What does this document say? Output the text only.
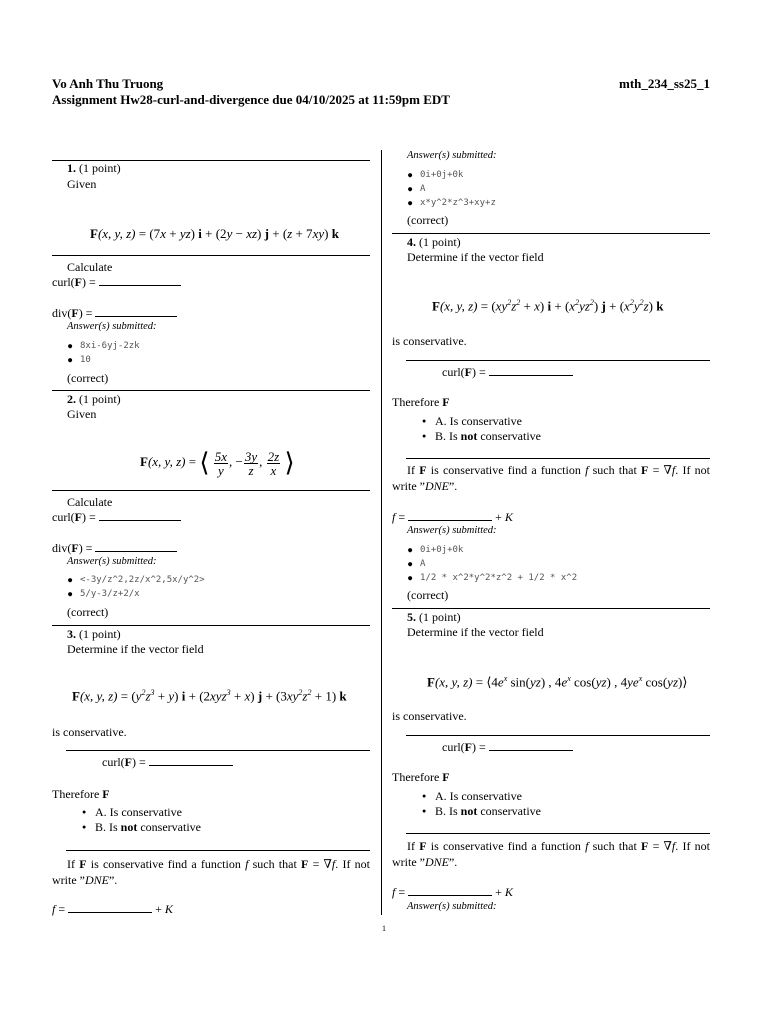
Vo Anh Thu Truong	mth_234_ss25_1
Assignment Hw28-curl-and-divergence due 04/10/2025 at 11:59pm EDT
1. (1 point)
Given
F(x, y, z) = (7x + yz) i + (2y − xz) j + (z + 7xy) k
Calculate
curl(F) =
div(F) =
Answer(s) submitted:
● 8xi-6yj-2zk
● 10
(correct)
2. (1 point)
Given
F(x, y, z) = ⟨ $\frac{5x}{y}$ , − $\frac{3y}{z}$ , $\frac{2z}{x}$ ⟩
Calculate
curl(F) =
div(F) =
Answer(s) submitted:
● <-3y/z^2,2z/x^2,5x/y^2>
● 5/y-3/z+2/x
(correct)
3. (1 point)
Determine if the vector field
F(x, y, $z) = (y^2z^3 + y) i + (2xyz^3 + x) j + (3xy^2z^2 + 1)$ k
is conservative.
curl(F) =
Therefore F
● A. Is conservative
● B. Is not conservative
If F is conservative find a function f such that F = ∇f. If not write ”DNE”.
f =	+ K
Answer(s) submitted:
● 0i+0j+0k
● A
● x*y^2*z^3+xy+z
(correct)
4. (1 point)
Determine if the vector field
F(x, y, $z) = (xy^2z^2 + x) i + (x^2yz^2) j + (x^2y^2z)$ k
is conservative.
curl(F) =
Therefore F
● A. Is conservative
● B. Is not conservative
If F is conservative find a function f such that F = ∇f. If not write ”DNE”.
f =	+ K
Answer(s) submitted:
● 0i+0j+0k
● A
● 1/2 * x^2*y^2*z^2 + 1/2 * x^2
(correct)
5. (1 point)
Determine if the vector field
F(x, y, $z) = ⟨4e^x$ sin(yz) , $4e^x$ cos(yz) , $4ye^x$ cos(yz)⟩
is conservative.
curl(F) =
Therefore F
● A. Is conservative
● B. Is not conservative
If F is conservative find a function f such that F = ∇f. If not write ”DNE”.
f =	+ K
Answer(s) submitted:
1
